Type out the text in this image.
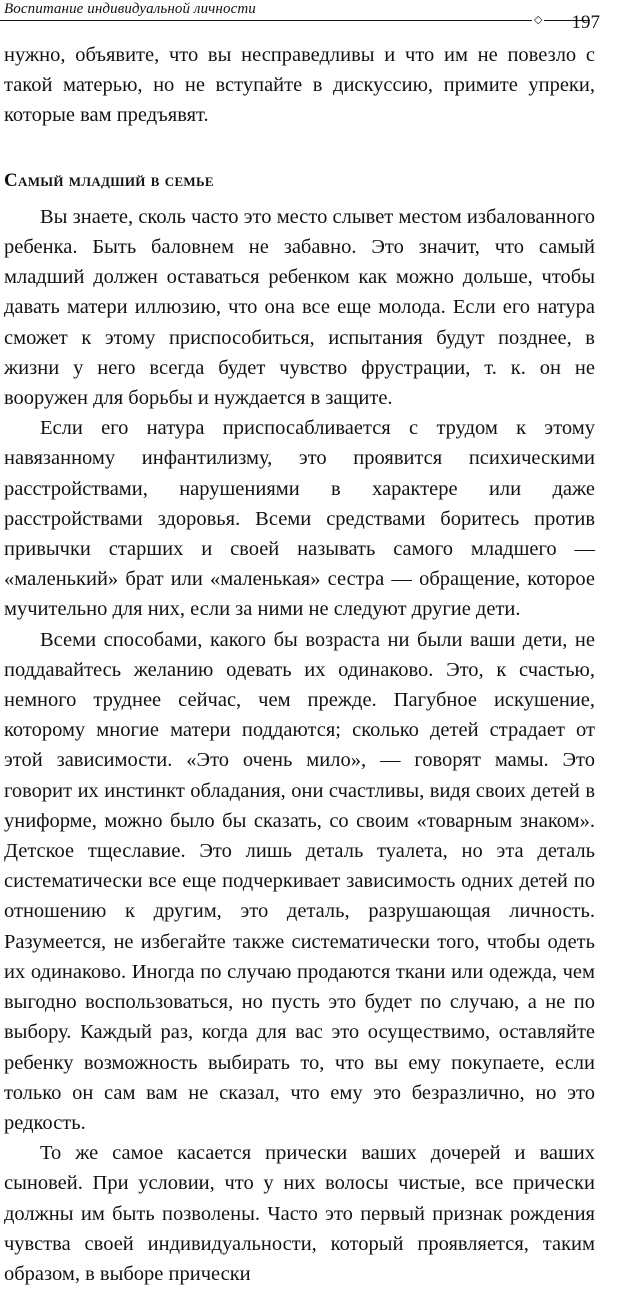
Воспитание индивидуальной личности
◇ 197

нужно, объявите, что вы несправедливы и что им не повезло с такой матерью, но не вступайте в дискуссию, примите упреки, которые вам предъявят.

Самый младший в семье

Вы знаете, сколь часто это место слывет местом избалованного ребенка. Быть баловнем не забавно. Это значит, что самый младший должен оставаться ребенком как можно дольше, чтобы давать матери иллюзию, что она все еще молода. Если его натура сможет к этому приспособиться, испытания будут позднее, в жизни у него всегда будет чувство фрустрации, т. к. он не вооружен для борьбы и нуждается в защите.

Если его натура приспосабливается с трудом к этому навязанному инфантилизму, это проявится психическими расстройствами, нарушениями в характере или даже расстройствами здоровья. Всеми средствами боритесь против привычки старших и своей называть самого младшего — «маленький» брат или «маленькая» сестра — обращение, которое мучительно для них, если за ними не следуют другие дети.

Всеми способами, какого бы возраста ни были ваши дети, не поддавайтесь желанию одевать их одинаково. Это, к счастью, немного труднее сейчас, чем прежде. Пагубное искушение, которому многие матери поддаются; сколько детей страдает от этой зависимости. «Это очень мило», — говорят мамы. Это говорит их инстинкт обладания, они счастливы, видя своих детей в униформе, можно было бы сказать, со своим «товарным знаком». Детское тщеславие. Это лишь деталь туалета, но эта деталь систематически все еще подчеркивает зависимость одних детей по отношению к другим, это деталь, разрушающая личность. Разумеется, не избегайте также систематически того, чтобы одеть их одинаково. Иногда по случаю продаются ткани или одежда, чем выгодно воспользоваться, но пусть это будет по случаю, а не по выбору. Каждый раз, когда для вас это осуществимо, оставляйте ребенку возможность выбирать то, что вы ему покупаете, если только он сам вам не сказал, что ему это безразлично, но это редкость.

То же самое касается прически ваших дочерей и ваших сыновей. При условии, что у них волосы чистые, все прически должны им быть позволены. Часто это первый признак рождения чувства своей индивидуальности, который проявляется, таким образом, в выборе прически
